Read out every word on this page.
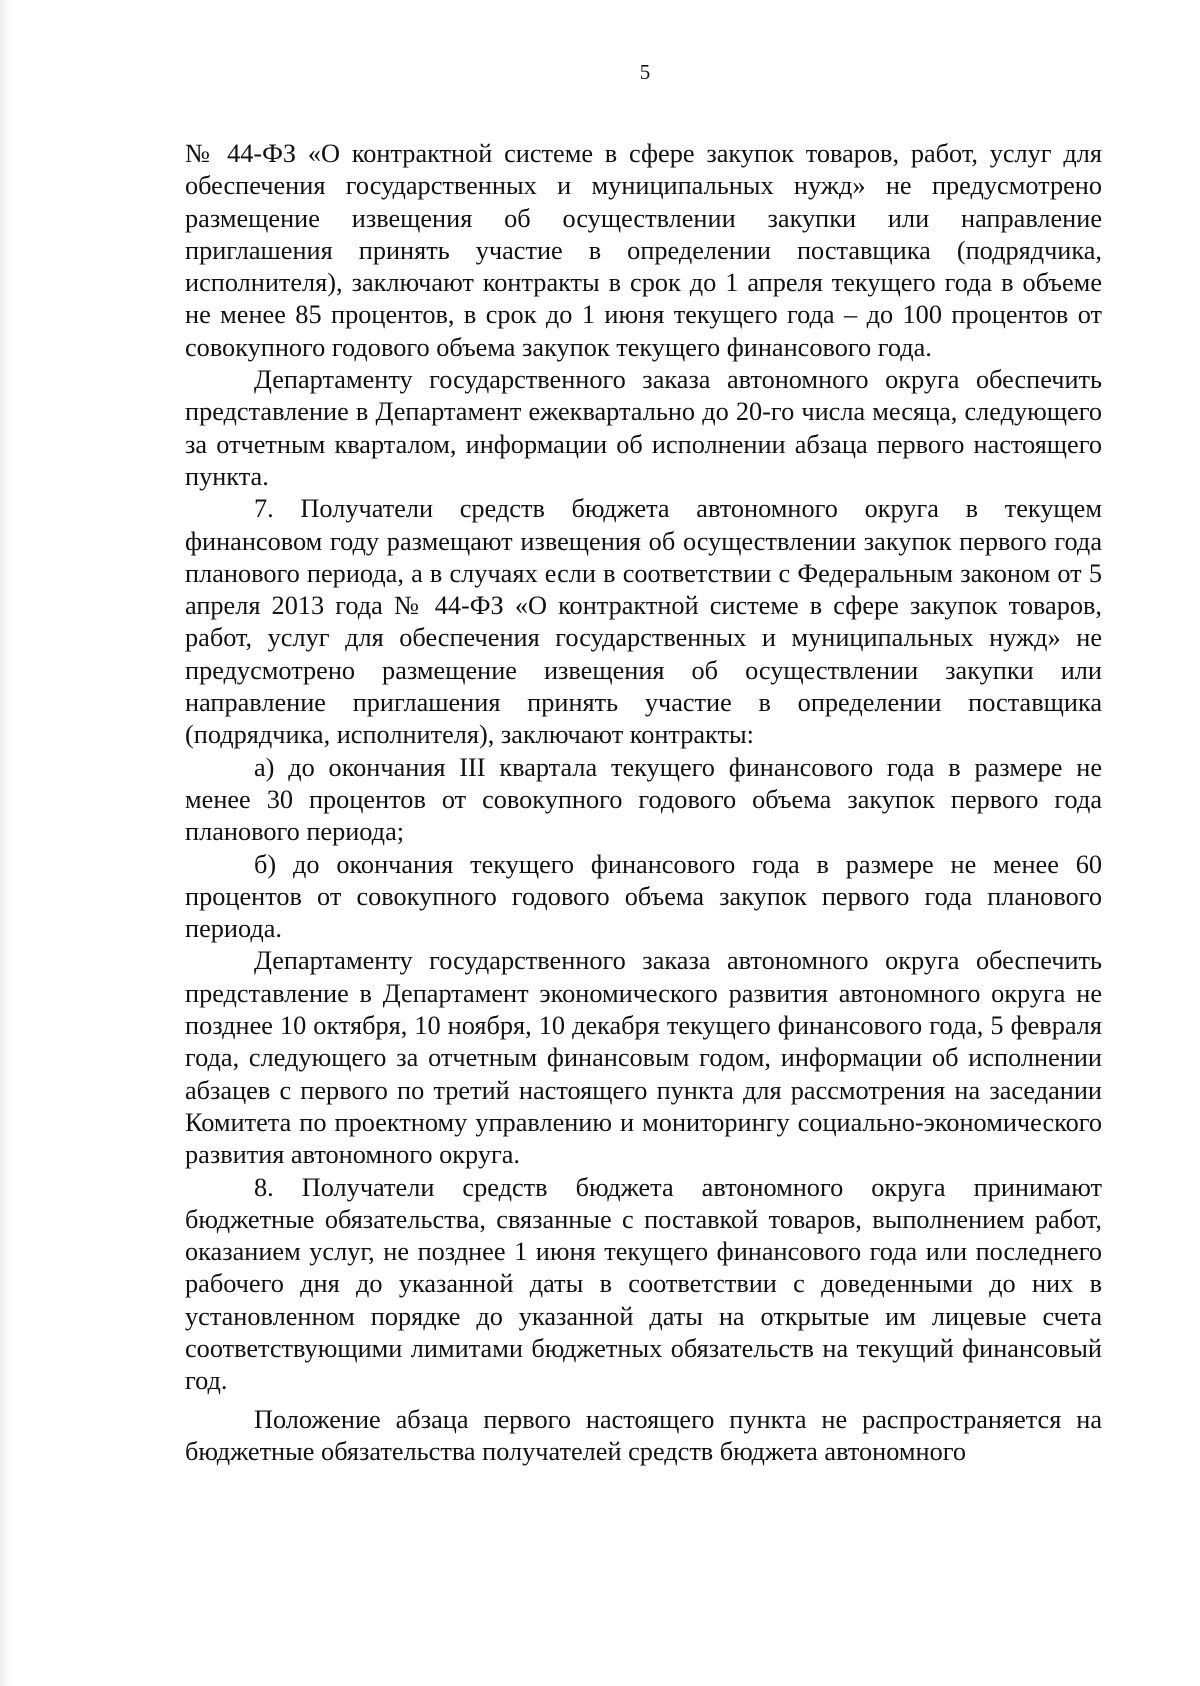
5

№ 44-ФЗ «О контрактной системе в сфере закупок товаров, работ, услуг для обеспечения государственных и муниципальных нужд» не предусмотрено размещение извещения об осуществлении закупки или направление приглашения принять участие в определении поставщика (подрядчика, исполнителя), заключают контракты в срок до 1 апреля текущего года в объеме не менее 85 процентов, в срок до 1 июня текущего года – до 100 процентов от совокупного годового объема закупок текущего финансового года.

Департаменту государственного заказа автономного округа обеспечить представление в Департамент ежеквартально до 20-го числа месяца, следующего за отчетным кварталом, информации об исполнении абзаца первого настоящего пункта.

7. Получатели средств бюджета автономного округа в текущем финансовом году размещают извещения об осуществлении закупок первого года планового периода, а в случаях если в соответствии с Федеральным законом от 5 апреля 2013 года № 44-ФЗ «О контрактной системе в сфере закупок товаров, работ, услуг для обеспечения государственных и муниципальных нужд» не предусмотрено размещение извещения об осуществлении закупки или направление приглашения принять участие в определении поставщика (подрядчика, исполнителя), заключают контракты:

а) до окончания III квартала текущего финансового года в размере не менее 30 процентов от совокупного годового объема закупок первого года планового периода;

б) до окончания текущего финансового года в размере не менее 60 процентов от совокупного годового объема закупок первого года планового периода.

Департаменту государственного заказа автономного округа обеспечить представление в Департамент экономического развития автономного округа не позднее 10 октября, 10 ноября, 10 декабря текущего финансового года, 5 февраля года, следующего за отчетным финансовым годом, информации об исполнении абзацев с первого по третий настоящего пункта для рассмотрения на заседании Комитета по проектному управлению и мониторингу социально-экономического развития автономного округа.

8. Получатели средств бюджета автономного округа принимают бюджетные обязательства, связанные с поставкой товаров, выполнением работ, оказанием услуг, не позднее 1 июня текущего финансового года или последнего рабочего дня до указанной даты в соответствии с доведенными до них в установленном порядке до указанной даты на открытые им лицевые счета соответствующими лимитами бюджетных обязательств на текущий финансовый год.

Положение абзаца первого настоящего пункта не распространяется на бюджетные обязательства получателей средств бюджета автономного
